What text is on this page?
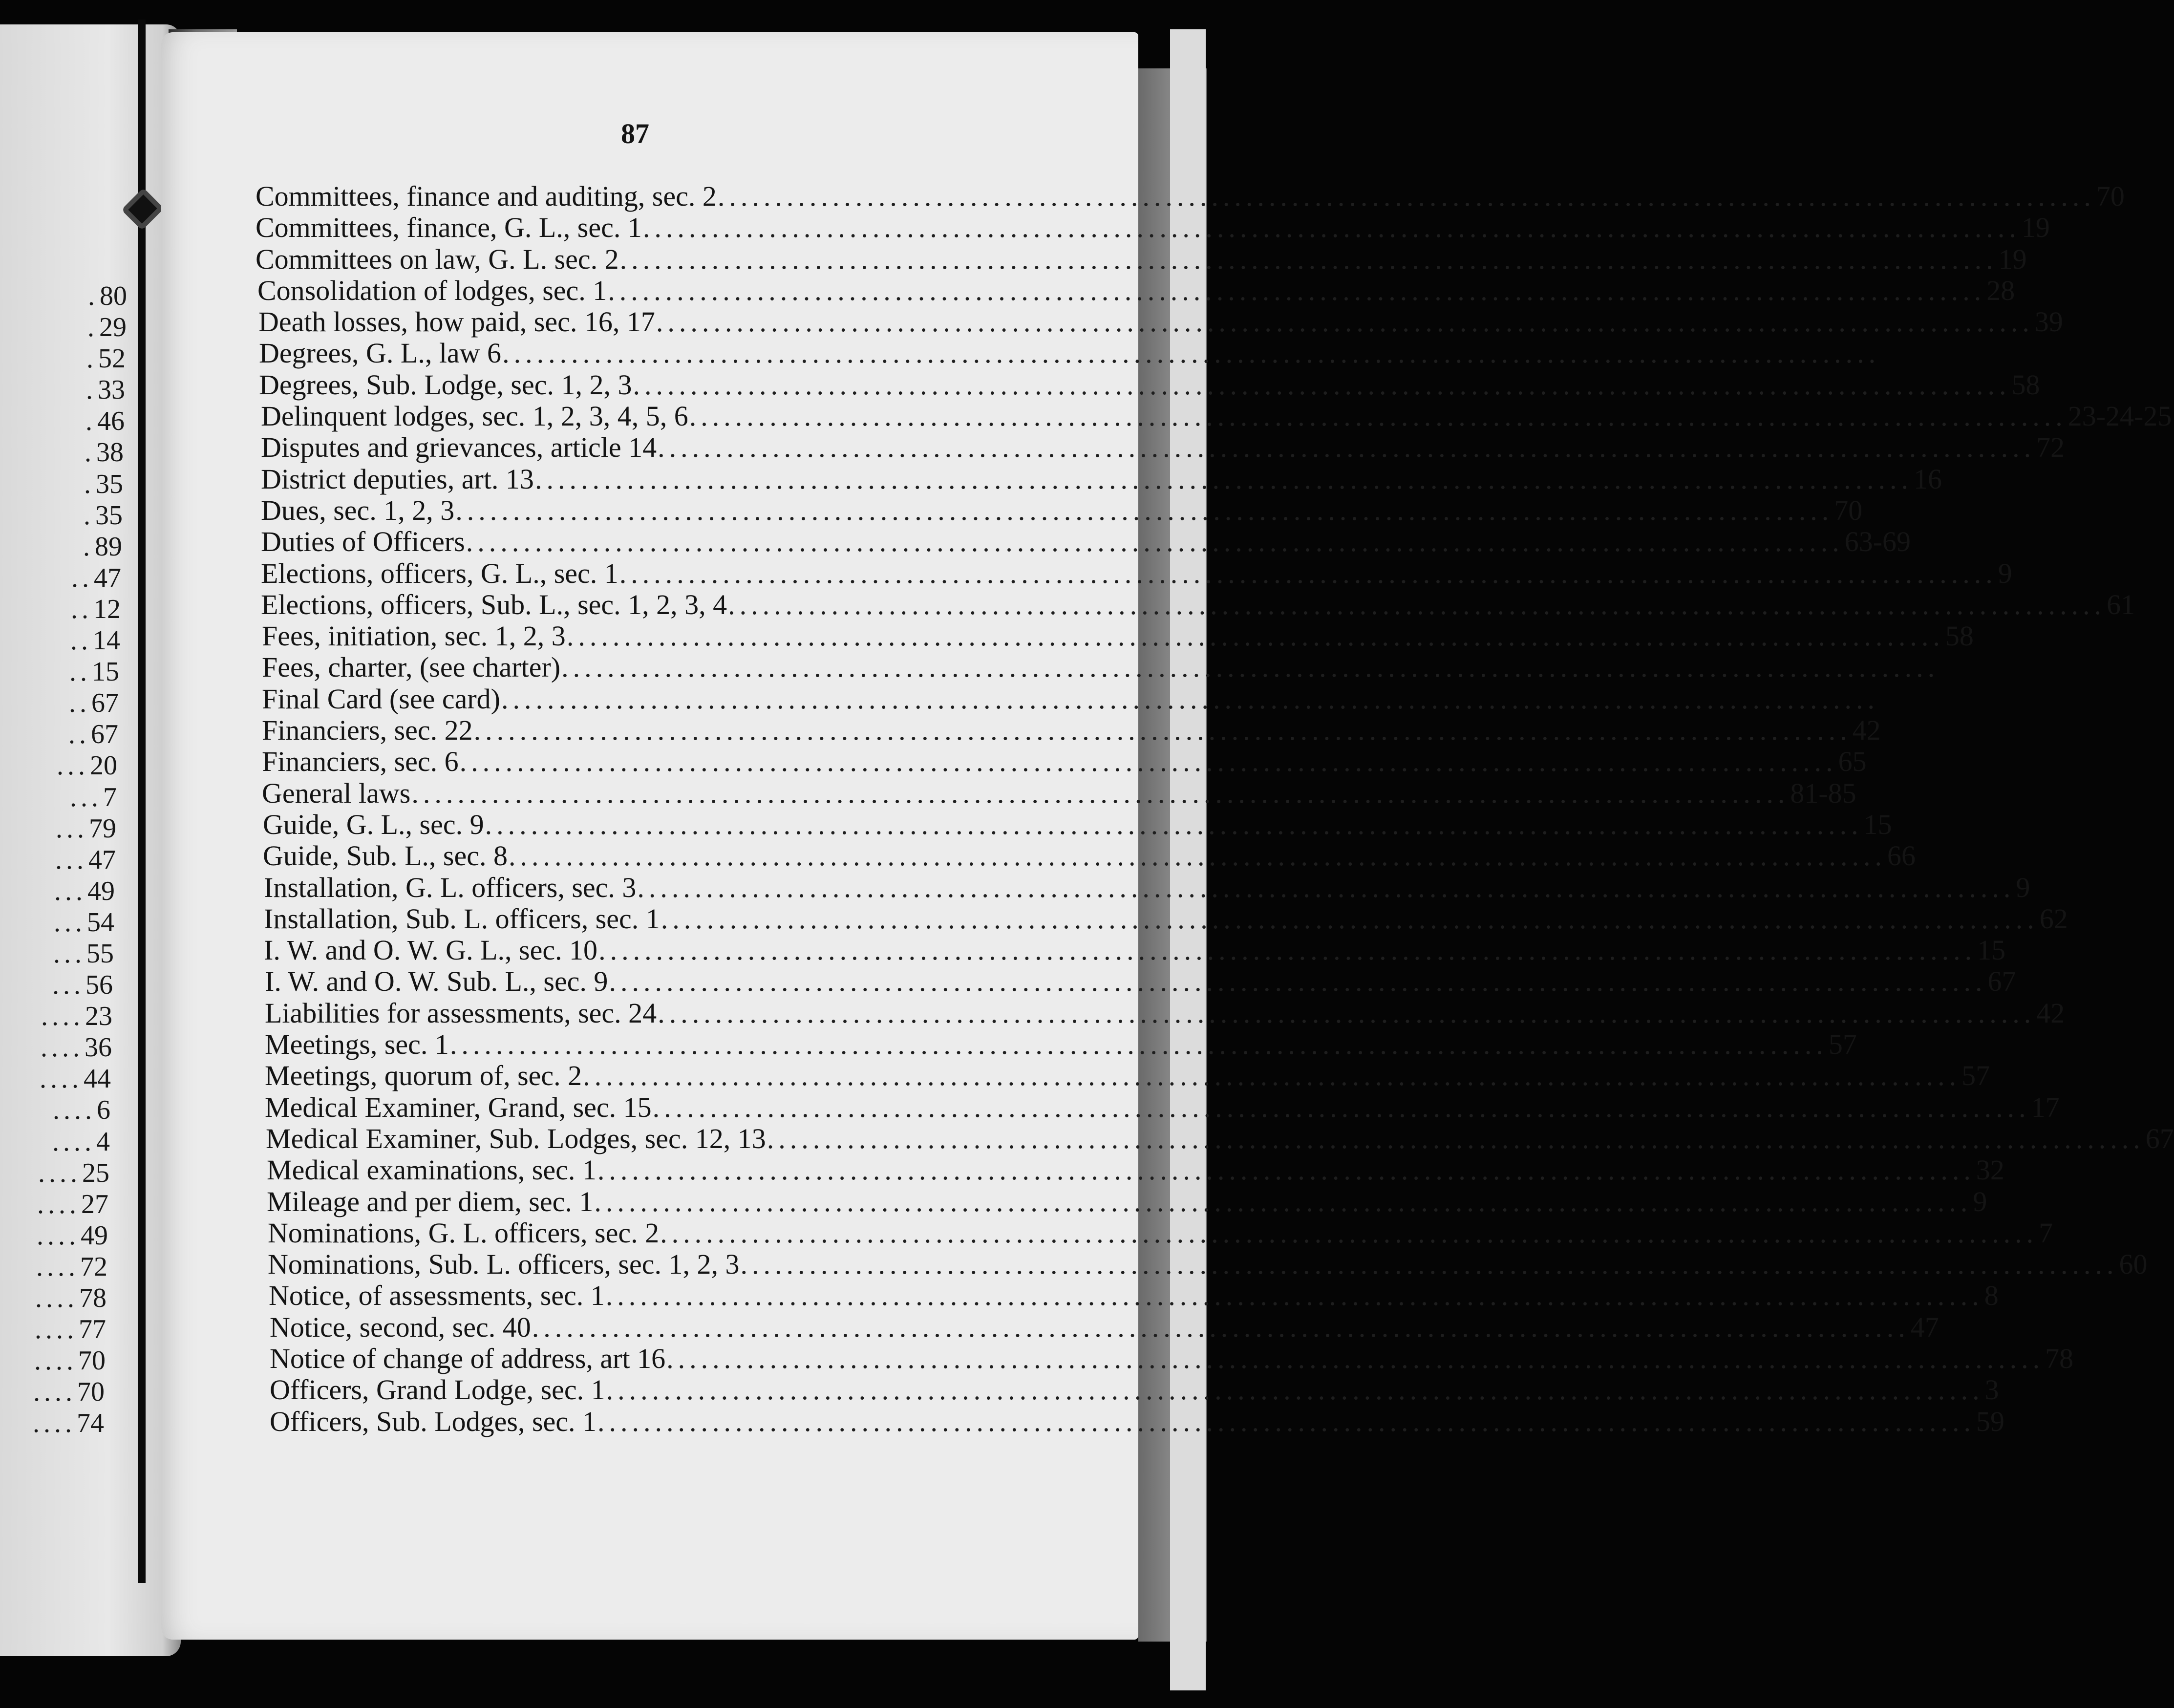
. 80
. 29
. 52
. 33
. 46
. 38
. 35
. 35
. 89
.. 47
.. 12
.. 14
.. 15
.. 67
.. 67
... 20
... 7
... 79
... 47
... 49
... 54
... 55
... 56
.... 23
.... 36
.... 44
.... 6
.... 4
.... 25
.... 27
.... 49
.... 72
.... 78
.... 77
.... 70
.... 70
.... 74
87
Committees, finance and auditing, sec. 2 ........................................................................................................................ 70
Committees, finance, G. L., sec. 1 ........................................................................................................................ 19
Committees on law, G. L. sec. 2 ........................................................................................................................ 19
Consolidation of lodges, sec. 1 ........................................................................................................................ 28
Death losses, how paid, sec. 16, 17 ........................................................................................................................ 39
Degrees, G. L., law 6 ........................................................................................................................
Degrees, Sub. Lodge, sec. 1, 2, 3 ........................................................................................................................ 58
Delinquent lodges, sec. 1, 2, 3, 4, 5, 6 ........................................................................................................................ 23-24-25
Disputes and grievances, article 14 ........................................................................................................................ 72
District deputies, art. 13 ........................................................................................................................ 16
Dues, sec. 1, 2, 3 ........................................................................................................................ 70
Duties of Officers ........................................................................................................................ 63-69
Elections, officers, G. L., sec. 1 ........................................................................................................................ 9
Elections, officers, Sub. L., sec. 1, 2, 3, 4 ........................................................................................................................ 61
Fees, initiation, sec. 1, 2, 3 ........................................................................................................................ 58
Fees, charter, (see charter) ........................................................................................................................
Final Card (see card) ........................................................................................................................
Financiers, sec. 22 ........................................................................................................................ 42
Financiers, sec. 6 ........................................................................................................................ 65
General laws ........................................................................................................................ 81-85
Guide, G. L., sec. 9 ........................................................................................................................ 15
Guide, Sub. L., sec. 8 ........................................................................................................................ 66
Installation, G. L. officers, sec. 3 ........................................................................................................................ 9
Installation, Sub. L. officers, sec. 1 ........................................................................................................................ 62
I. W. and O. W. G. L., sec. 10 ........................................................................................................................ 15
I. W. and O. W. Sub. L., sec. 9 ........................................................................................................................ 67
Liabilities for assessments, sec. 24 ........................................................................................................................ 42
Meetings, sec. 1 ........................................................................................................................ 57
Meetings, quorum of, sec. 2 ........................................................................................................................ 57
Medical Examiner, Grand, sec. 15 ........................................................................................................................ 17
Medical Examiner, Sub. Lodges, sec. 12, 13 ........................................................................................................................ 67
Medical examinations, sec. 1 ........................................................................................................................ 32
Mileage and per diem, sec. 1 ........................................................................................................................ 9
Nominations, G. L. officers, sec. 2 ........................................................................................................................ 7
Nominations, Sub. L. officers, sec. 1, 2, 3 ........................................................................................................................ 60
Notice, of assessments, sec. 1 ........................................................................................................................ 8
Notice, second, sec. 40 ........................................................................................................................ 47
Notice of change of address, art 16 ........................................................................................................................ 78
Officers, Grand Lodge, sec. 1 ........................................................................................................................ 3
Officers, Sub. Lodges, sec. 1 ........................................................................................................................ 59
